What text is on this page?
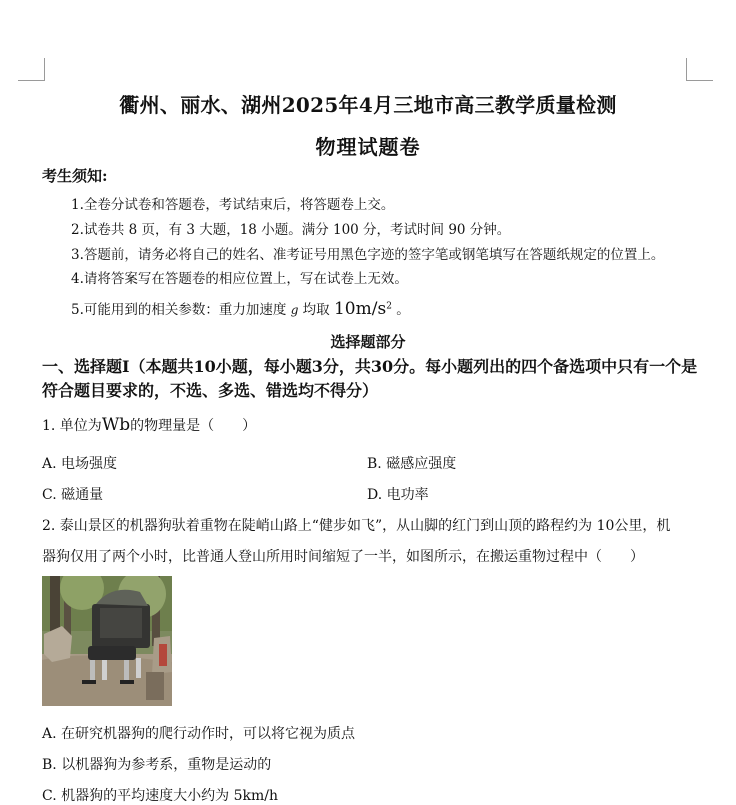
衢州、丽水、湖州2025年4月三地市高三教学质量检测
物理试题卷
考生须知:
1.全卷分试卷和答题卷，考试结束后，将答题卷上交。
2.试卷共 8 页，有 3 大题，18 小题。满分 100 分，考试时间 90 分钟。
3.答题前，请务必将自己的姓名、准考证号用黑色字迹的签字笔或钢笔填写在答题纸规定的位置上。
4.请将答案写在答题卷的相应位置上，写在试卷上无效。
5.可能用到的相关参数：重力加速度 g 均取 $10m/s^2$ 。
选择题部分
一、选择题I（本题共10小题，每小题3分，共30分。每小题列出的四个备选项中只有一个是符合题目要求的，不选、多选、错选均不得分）
1. 单位为Wb的物理量是（　　）
A. 电场强度	B. 磁感应强度
C. 磁通量	D. 电功率
2. 泰山景区的机器狗驮着重物在陡峭山路上“健步如飞”，从山脚的红门到山顶的路程约为 10公里，机
器狗仅用了两个小时，比普通人登山所用时间缩短了一半，如图所示，在搬运重物过程中（　　）
A. 在研究机器狗的爬行动作时，可以将它视为质点
B. 以机器狗为参考系，重物是运动的
C. 机器狗的平均速度大小约为 5km/h
